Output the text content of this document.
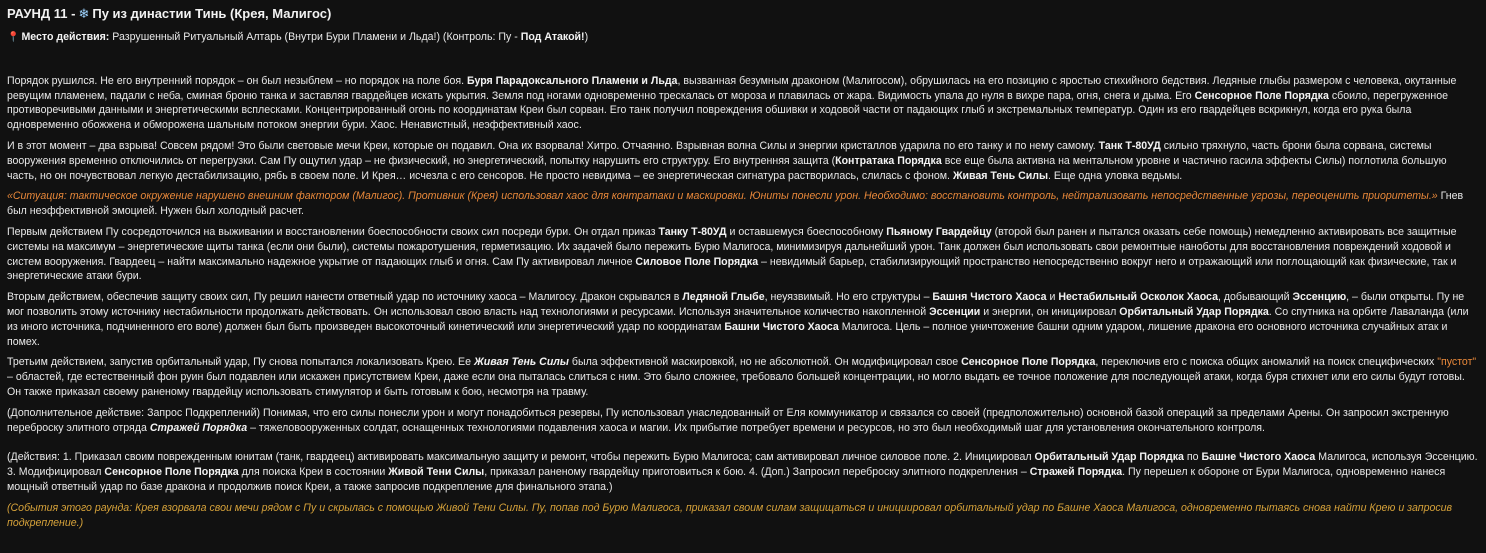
РАУНД 11 - ❄ Пу из династии Тинь (Крея, Малигос)
📍 Место действия: Разрушенный Ритуальный Алтарь (Внутри Бури Пламени и Льда!) (Контроль: Пу - Под Атакой!)

Порядок рушился. Не его внутренний порядок – он был незыблем – но порядок на поле боя. Буря Парадоксального Пламени и Льда, вызванная безумным драконом (Малигосом), обрушилась на его позицию с яростью стихийного бедствия. Ледяные глыбы размером с человека, окутанные ревущим пламенем, падали с неба, сминая броню танка и заставляя гвардейцев искать укрытия. Земля под ногами одновременно трескалась от мороза и плавилась от жара. Видимость упала до нуля в вихре пара, огня, снега и дыма. Его Сенсорное Поле Порядка сбоило, перегруженное противоречивыми данными и энергетическими всплесками. Концентрированный огонь по координатам Креи был сорван. Его танк получил повреждения обшивки и ходовой части от падающих глыб и экстремальных температур. Один из его гвардейцев вскрикнул, когда его рука была одновременно обожжена и обморожена шальным потоком энергии бури. Хаос. Ненавистный, неэффективный хаос.

И в этот момент – два взрыва! Совсем рядом! Это были световые мечи Креи, которые он подавил. Она их взорвала! Хитро. Отчаянно. Взрывная волна Силы и энергии кристаллов ударила по его танку и по нему самому. Танк Т-80УД сильно тряхнуло, часть брони была сорвана, системы вооружения временно отключились от перегрузки. Сам Пу ощутил удар – не физический, но энергетический, попытку нарушить его структуру. Его внутренняя защита (Контратака Порядка все еще была активна на ментальном уровне и частично гасила эффекты Силы) поглотила большую часть, но он почувствовал легкую дестабилизацию, рябь в своем поле. И Крея… исчезла с его сенсоров. Не просто невидима – ее энергетическая сигнатура растворилась, слилась с фоном. Живая Тень Силы. Еще одна уловка ведьмы.

«Ситуация: тактическое окружение нарушено внешним фактором (Малигос). Противник (Крея) использовал хаос для контратаки и маскировки. Юниты понесли урон. Необходимо: восстановить контроль, нейтрализовать непосредственные угрозы, переоценить приоритеты.» Гнев был неэффективной эмоцией. Нужен был холодный расчет.

Первым действием Пу сосредоточился на выживании и восстановлении боеспособности своих сил посреди бури. Он отдал приказ Танку Т-80УД и оставшемуся боеспособному Пьяному Гвардейцу (второй был ранен и пытался оказать себе помощь) немедленно активировать все защитные системы на максимум – энергетические щиты танка (если они были), системы пожаротушения, герметизацию. Их задачей было пережить Бурю Малигоса, минимизируя дальнейший урон. Танк должен был использовать свои ремонтные нанoботы для восстановления повреждений ходовой и систем вооружения. Гвардеец – найти максимально надежное укрытие от падающих глыб и огня. Сам Пу активировал личное Силовое Поле Порядка – невидимый барьер, стабилизирующий пространство непосредственно вокруг него и отражающий или поглощающий как физические, так и энергетические атаки бури.

Вторым действием, обеспечив защиту своих сил, Пу решил нанести ответный удар по источнику хаоса – Малигосу. Дракон скрывался в Ледяной Глыбе, неуязвимый. Но его структуры – Башня Чистого Хаоса и Нестабильный Осколок Хаоса, добывающий Эссенцию, – были открыты. Пу не мог позволить этому источнику нестабильности продолжать действовать. Он использовал свою власть над технологиями и ресурсами. Используя значительное количество накопленной Эссенции и энергии, он инициировал Орбитальный Удар Порядка. Со спутника на орбите Лаваланда (или из иного источника, подчиненного его воле) должен был быть произведен высокоточный кинетический или энергетический удар по координатам Башни Чистого Хаоса Малигоса. Цель – полное уничтожение башни одним ударом, лишение дракона его основного источника случайных атак и помех.

Третьим действием, запустив орбитальный удар, Пу снова попытался локализовать Крею. Ее Живая Тень Силы была эффективной маскировкой, но не абсолютной. Он модифицировал свое Сенсорное Поле Порядка, переключив его с поиска общих аномалий на поиск специфических "пустот" – областей, где естественный фон руин был подавлен или искажен присутствием Креи, даже если она пыталась слиться с ним. Это было сложнее, требовало большей концентрации, но могло выдать ее точное положение для последующей атаки, когда буря стихнет или его силы будут готовы. Он также приказал своему раненому гвардейцу использовать стимулятор и быть готовым к бою, несмотря на травму.

(Дополнительное действие: Запрос Подкреплений) Понимая, что его силы понесли урон и могут понадобиться резервы, Пу использовал унаследованный от Еля коммуникатор и связался со своей (предположительно) основной базой операций за пределами Арены. Он запросил экстренную переброску элитного отряда Стражей Порядка – тяжеловооруженных солдат, оснащенных технологиями подавления хаоса и магии. Их прибытие потребует времени и ресурсов, но это был необходимый шаг для установления окончательного контроля.

(Действия: 1. Приказал своим поврежденным юнитам (танк, гвардеец) активировать максимальную защиту и ремонт, чтобы пережить Бурю Малигоса; сам активировал личное силовое поле. 2. Инициировал Орбитальный Удар Порядка по Башне Чистого Хаоса Малигоса, используя Эссенцию. 3. Модифицировал Сенсорное Поле Порядка для поиска Креи в состоянии Живой Тени Силы, приказал раненому гвардейцу приготовиться к бою. 4. (Доп.) Запросил переброску элитного подкрепления – Стражей Порядка. Пу перешел к обороне от Бури Малигоса, одновременно нанеся мощный ответный удар по базе дракона и продолжив поиск Креи, а также запросив подкрепление для финального этапа.)

(События этого раунда: Крея взорвала свои мечи рядом с Пу и скрылась с помощью Живой Тени Силы. Пу, попав под Бурю Малигоса, приказал своим силам защищаться и инициировал орбитальный удар по Башне Хаоса Малигоса, одновременно пытаясь снова найти Крею и запросив подкрепление.)
